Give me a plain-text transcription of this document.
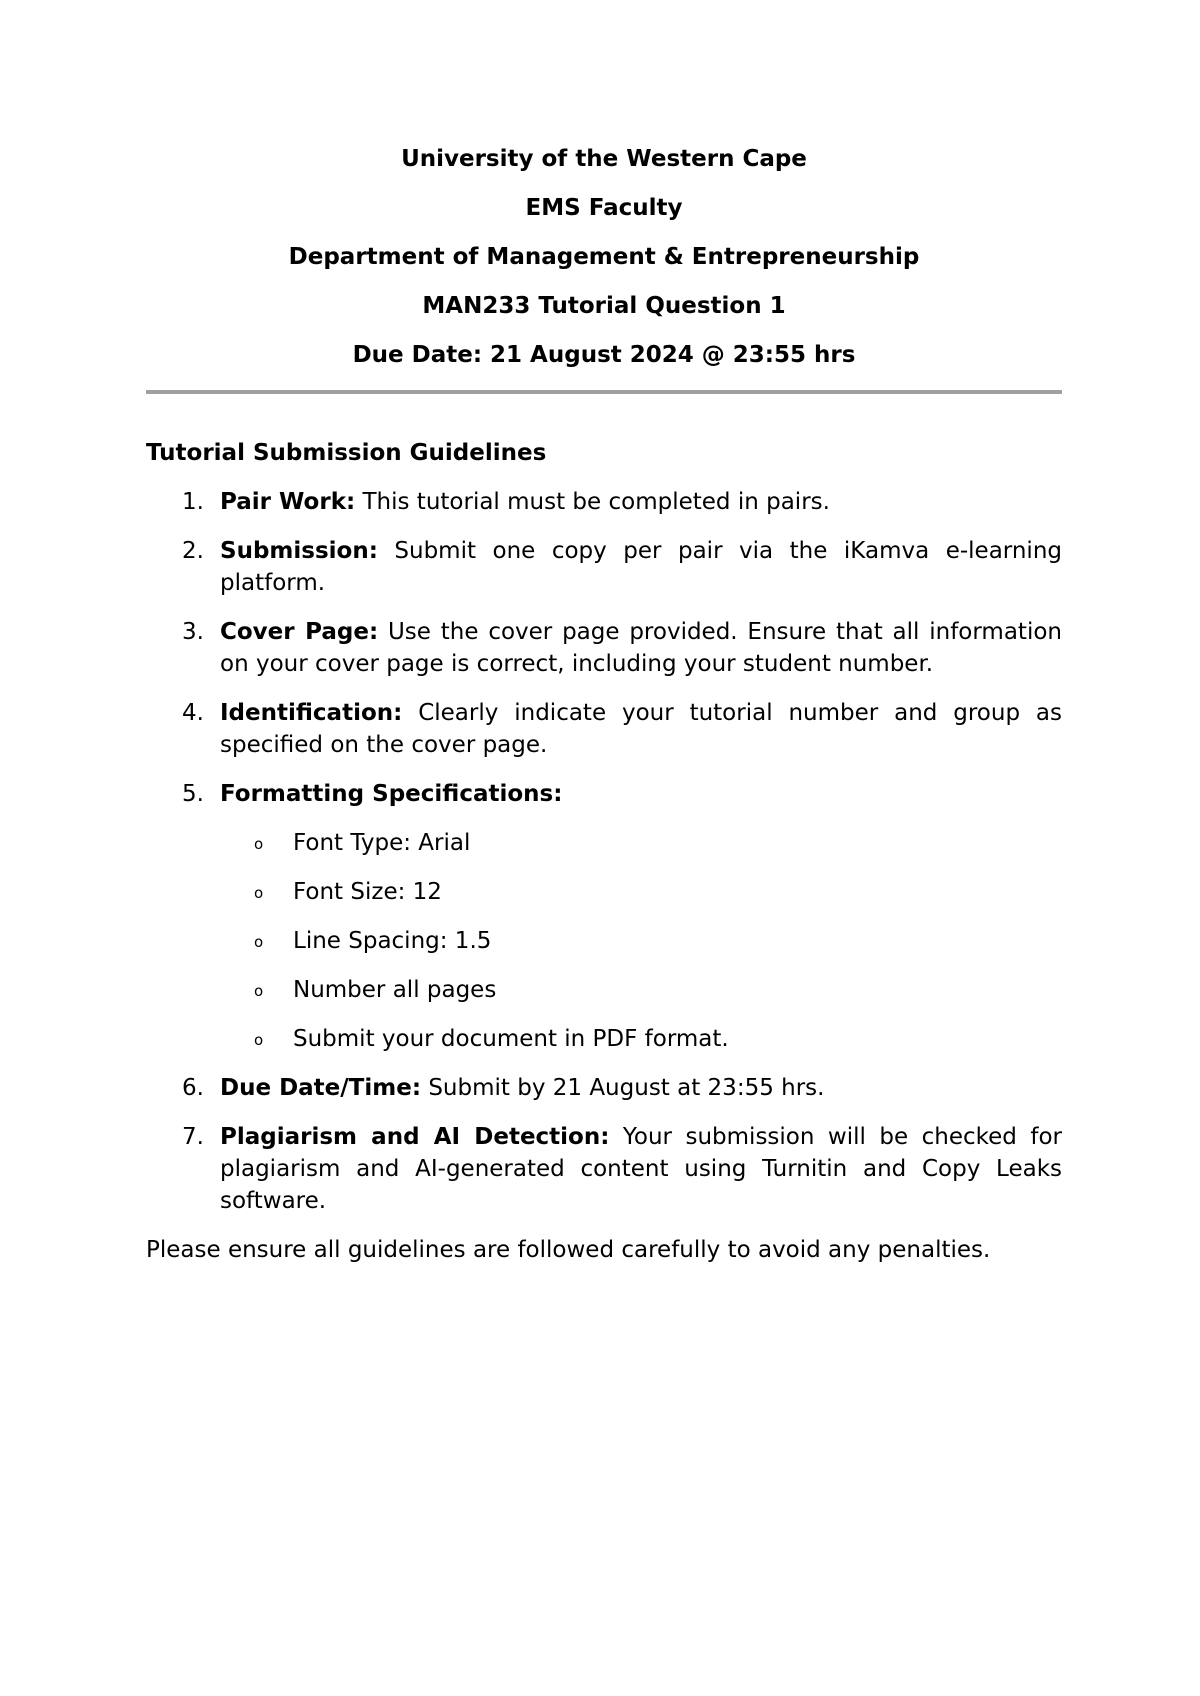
University of the Western Cape

EMS Faculty

Department of Management & Entrepreneurship

MAN233 Tutorial Question 1

Due Date: 21 August 2024 @ 23:55 hrs

Tutorial Submission Guidelines

1. Pair Work: This tutorial must be completed in pairs.
2. Submission: Submit one copy per pair via the iKamva e-learning platform.
3. Cover Page: Use the cover page provided. Ensure that all information on your cover page is correct, including your student number.
4. Identification: Clearly indicate your tutorial number and group as specified on the cover page.
5. Formatting Specifications:
o Font Type: Arial
o Font Size: 12
o Line Spacing: 1.5
o Number all pages
o Submit your document in PDF format.
6. Due Date/Time: Submit by 21 August at 23:55 hrs.
7. Plagiarism and AI Detection: Your submission will be checked for plagiarism and AI-generated content using Turnitin and Copy Leaks software.

Please ensure all guidelines are followed carefully to avoid any penalties.
